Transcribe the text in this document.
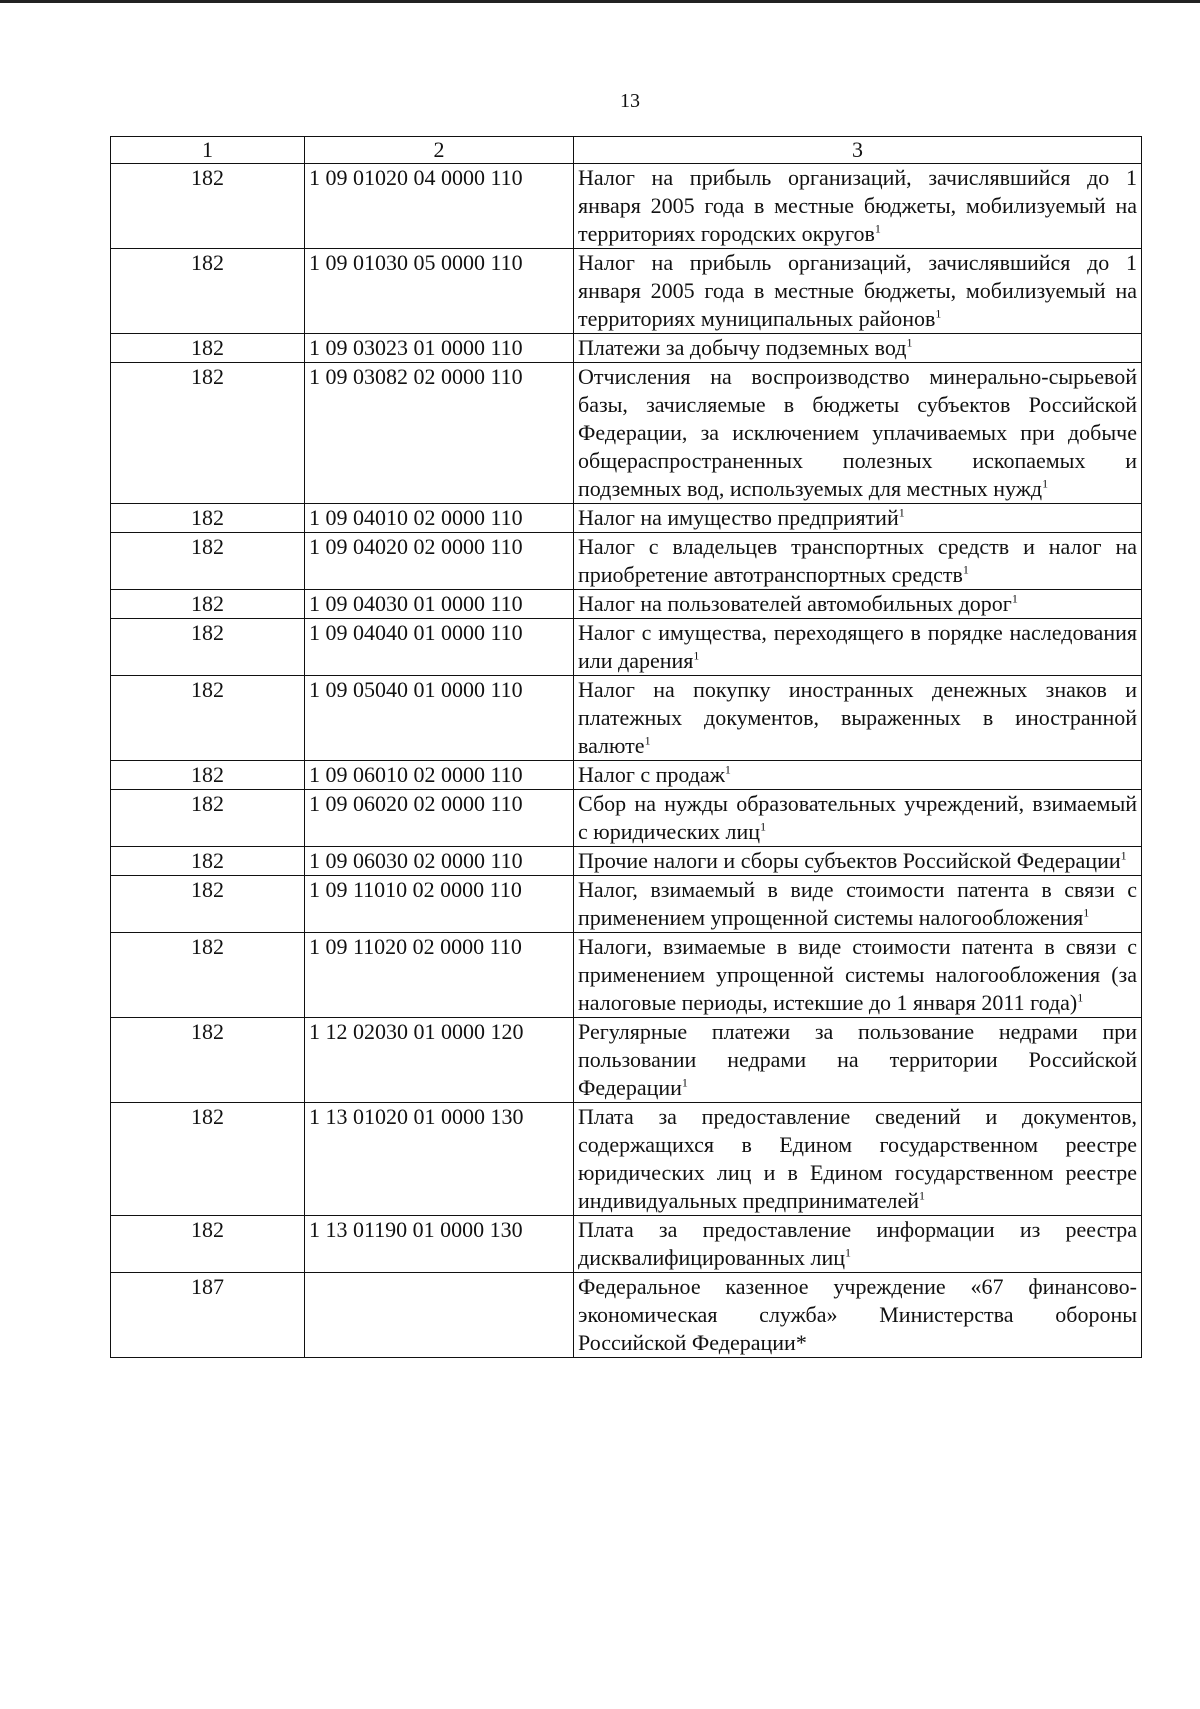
13
1	2	3
182	1 09 01020 04 0000 110	Налог на прибыль организаций, зачислявшийся до 1 января 2005 года в местные бюджеты, мобилизуемый на территориях городских округов$^1$
182	1 09 01030 05 0000 110	Налог на прибыль организаций, зачислявшийся до 1 января 2005 года в местные бюджеты, мобилизуемый на территориях муниципальных районов$^1$
182	1 09 03023 01 0000 110	Платежи за добычу подземных вод$^1$
182	1 09 03082 02 0000 110	Отчисления на воспроизводство минерально-сырьевой базы, зачисляемые в бюджеты субъектов Российской Федерации, за исключением уплачиваемых при добыче общераспространенных полезных ископаемых и подземных вод, используемых для местных нужд$^1$
182	1 09 04010 02 0000 110	Налог на имущество предприятий$^1$
182	1 09 04020 02 0000 110	Налог с владельцев транспортных средств и налог на приобретение автотранспортных средств$^1$
182	1 09 04030 01 0000 110	Налог на пользователей автомобильных дорог$^1$
182	1 09 04040 01 0000 110	Налог с имущества, переходящего в порядке наследования или дарения$^1$
182	1 09 05040 01 0000 110	Налог на покупку иностранных денежных знаков и платежных документов, выраженных в иностранной валюте$^1$
182	1 09 06010 02 0000 110	Налог с продаж$^1$
182	1 09 06020 02 0000 110	Сбор на нужды образовательных учреждений, взимаемый с юридических лиц$^1$
182	1 09 06030 02 0000 110	Прочие налоги и сборы субъектов Российской Федерации$^1$
182	1 09 11010 02 0000 110	Налог, взимаемый в виде стоимости патента в связи с применением упрощенной системы налогообложения$^1$
182	1 09 11020 02 0000 110	Налоги, взимаемые в виде стоимости патента в связи с применением упрощенной системы налогообложения (за налоговые периоды, истекшие до 1 января 2011 года)$^1$
182	1 12 02030 01 0000 120	Регулярные платежи за пользование недрами при пользовании недрами на территории Российской Федерации$^1$
182	1 13 01020 01 0000 130	Плата за предоставление сведений и документов, содержащихся в Едином государственном реестре юридических лиц и в Едином государственном реестре индивидуальных предпринимателей$^1$
182	1 13 01190 01 0000 130	Плата за предоставление информации из реестра дисквалифицированных лиц$^1$
187		Федеральное казенное учреждение «67 финансово-экономическая служба» Министерства обороны Российской Федерации*
